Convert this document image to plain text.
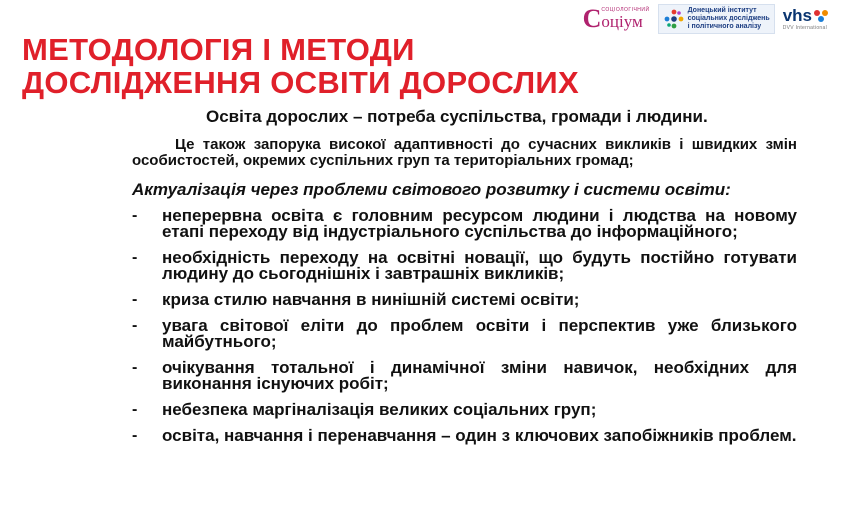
С СОЦІОЛОГІЧНИЙ
оціум
Донецький інститут
соціальних досліджень
і політичного аналізу
vhs
DVV International
МЕТОДОЛОГІЯ І МЕТОДИ
ДОСЛІДЖЕННЯ ОСВІТИ ДОРОСЛИХ

Освіта дорослих – потреба суспільства, громади і людини.

Це також запорука високої адаптивності до сучасних викликів і швидких змін особистостей, окремих суспільних груп та територіальних громад;

Актуалізація через проблеми світового розвитку і системи освіти:

-	неперервна освіта є головним ресурсом людини і людства на новому етапі переходу від індустріального суспільства до інформаційного;
-	необхідність переходу на освітні новації, що будуть постійно готувати людину до сьогоднішніх і завтрашніх викликів;
-	криза стилю навчання в нинішній системі освіти;
-	увага світової еліти до проблем освіти і перспектив уже близького майбутнього;
-	очікування тотальної і динамічної зміни навичок, необхідних для виконання існуючих робіт;
-	небезпека маргіналізація великих соціальних груп;
-	освіта, навчання і перенавчання – один з ключових запобіжників проблем.
